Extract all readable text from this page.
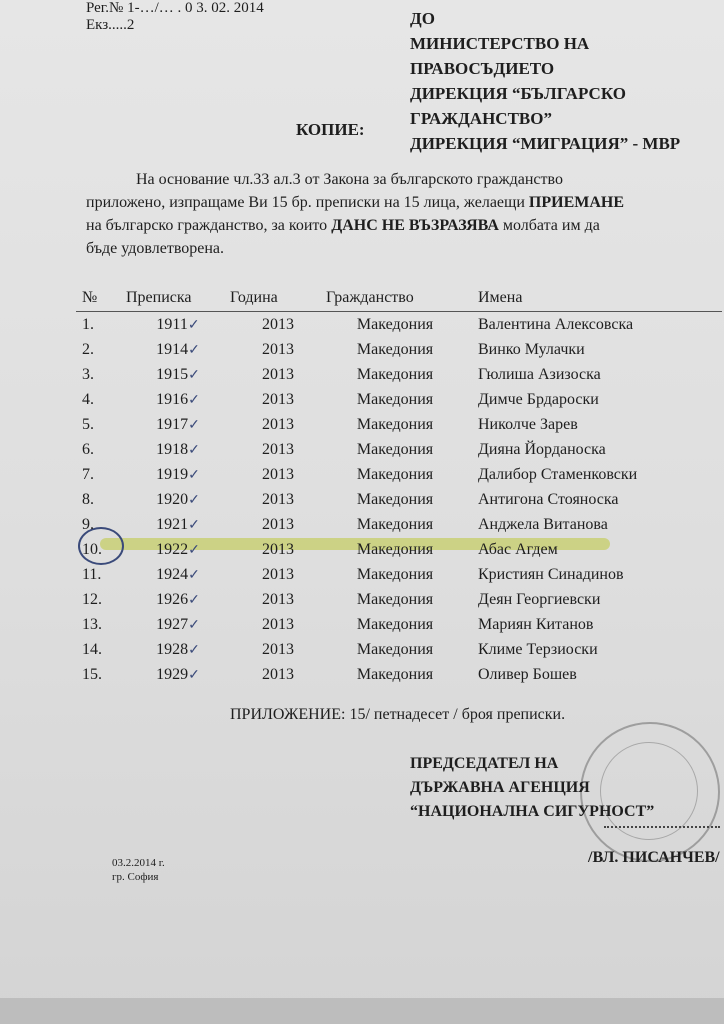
Рег.№ 1-…/… . 0 3. 02. 2014
Екз.....2	ДО
МИНИСТЕРСТВО НА
ПРАВОСЪДИЕТО
ДИРЕКЦИЯ “БЪЛГАРСКО
ГРАЖДАНСТВО”
ДИРЕКЦИЯ “МИГРАЦИЯ” - МВР
КОПИЕ:

На основание чл.33 ал.3 от Закона за българското гражданство

приложено, изпращаме Ви 15 бр. преписки на 15 лица, желаещи ПРИЕМАНЕ

на българско гражданство, за които ДАНС НЕ ВЪЗРАЗЯВА молбата им да

бъде удовлетворена.

№	Преписка	Година	Гражданство	Имена
1.	1911✓	2013	Македония	Валентина Алексовска
2.	1914✓	2013	Македония	Винко Мулачки
3.	1915✓	2013	Македония	Гюлиша Азизоска
4.	1916✓	2013	Македония	Димче Брдароски
5.	1917✓	2013	Македония	Николче Зарев
6.	1918✓	2013	Македония	Дияна Йорданоска
7.	1919✓	2013	Македония	Далибор Стаменковски
8.	1920✓	2013	Македония	Антигона Стояноска
9.	1921✓	2013	Македония	Анджела Витанова
10.	1922✓	2013	Македония	Абас Агдем
11.	1924✓	2013	Македония	Кристиян Синадинов
12.	1926✓	2013	Македония	Деян Георгиевски
13.	1927✓	2013	Македония	Мариян Китанов
14.	1928✓	2013	Македония	Климе Терзиоски
15.	1929✓	2013	Македония	Оливер Бошев
ПРИЛОЖЕНИЕ: 15/ петнадесет / броя преписки.
ПРЕДСЕДАТЕЛ НА
ДЪРЖАВНА АГЕНЦИЯ
“НАЦИОНАЛНА СИГУРНОСТ”
/ВЛ. ПИСАНЧЕВ/
03.2.2014 г.
гр. София
